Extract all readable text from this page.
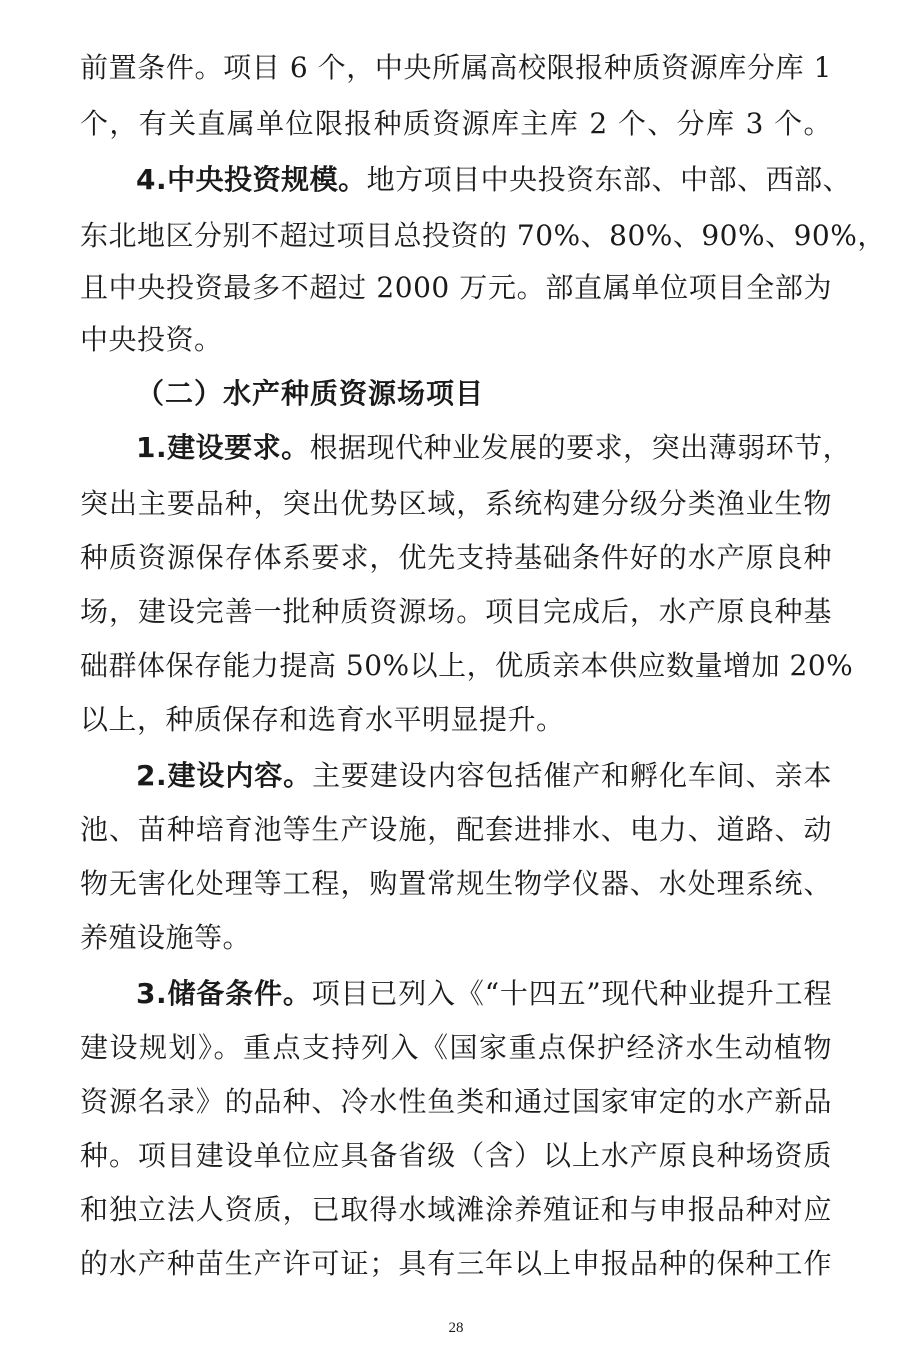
前置条件。项目 6 个，中央所属高校限报种质资源库分库 1
个，有关直属单位限报种质资源库主库 2 个、分库 3 个。
4.中央投资规模。地方项目中央投资东部、中部、西部、
东北地区分别不超过项目总投资的 70%、80%、90%、90%，
且中央投资最多不超过 2000 万元。部直属单位项目全部为
中央投资。
（二）水产种质资源场项目
1.建设要求。根据现代种业发展的要求，突出薄弱环节，
突出主要品种，突出优势区域，系统构建分级分类渔业生物
种质资源保存体系要求，优先支持基础条件好的水产原良种
场，建设完善一批种质资源场。项目完成后，水产原良种基
础群体保存能力提高 50%以上，优质亲本供应数量增加 20%
以上，种质保存和选育水平明显提升。
2.建设内容。主要建设内容包括催产和孵化车间、亲本
池、苗种培育池等生产设施，配套进排水、电力、道路、动
物无害化处理等工程，购置常规生物学仪器、水处理系统、
养殖设施等。
3.储备条件。项目已列入《“十四五”现代种业提升工程
建设规划》。重点支持列入《国家重点保护经济水生动植物
资源名录》的品种、冷水性鱼类和通过国家审定的水产新品
种。项目建设单位应具备省级（含）以上水产原良种场资质
和独立法人资质，已取得水域滩涂养殖证和与申报品种对应
的水产种苗生产许可证；具有三年以上申报品种的保种工作
28
